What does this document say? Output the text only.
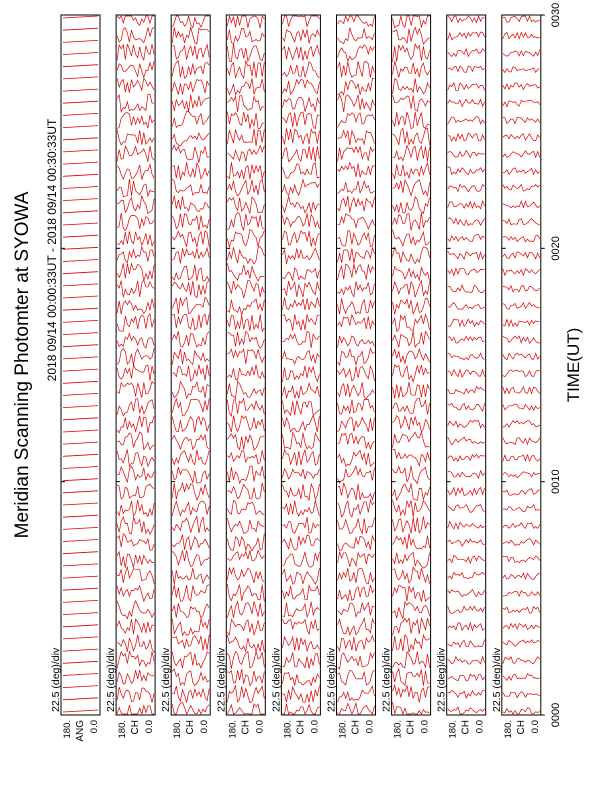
Meridian Scanning Photomter at SYOWA 2018 09/14 00:00:33UT - 2018 09/14 00:30:33UT	TIME(UT)
22.5 (deg)/div
180. 0.0
ANG
22.5 (deg)/div
180. 0.0
CH
22.5 (deg)/div
180. 0.0
CH
22.5 (deg)/div
180. 0.0
CH
22.5 (deg)/div
180. 0.0
CH
22.5 (deg)/div
180. 0.0
CH
22.5 (deg)/div
180. 0.0
CH
22.5 (deg)/div
180. 0.0
CH
22.5 (deg)/div
180. 0.0
CH 0000
0010
0020
0030
